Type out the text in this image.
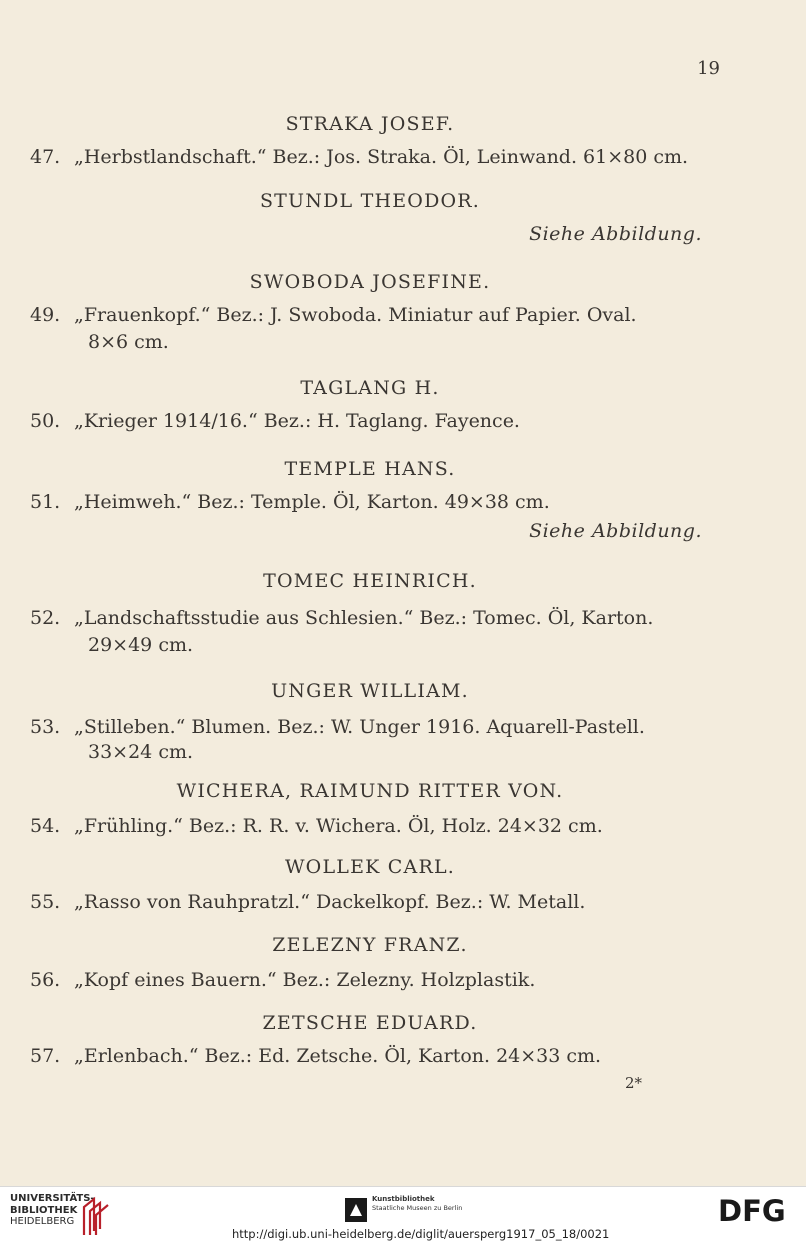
19
STRAKA JOSEF.
47. „Herbstlandschaft.“ Bez.: Jos. Straka. Öl, Leinwand. 61×80 cm.
STUNDL THEODOR.
Siehe Abbildung.
SWOBODA JOSEFINE.
49. „Frauenkopf.“ Bez.: J. Swoboda. Miniatur auf Papier. Oval.
8×6 cm.
TAGLANG H.
50. „Krieger 1914/16.“ Bez.: H. Taglang. Fayence.
TEMPLE HANS.
51. „Heimweh.“ Bez.: Temple. Öl, Karton. 49×38 cm.
Siehe Abbildung.
TOMEC HEINRICH.
52. „Landschaftsstudie aus Schlesien.“ Bez.: Tomec. Öl, Karton.
29×49 cm.
UNGER WILLIAM.
53. „Stilleben.“ Blumen. Bez.: W. Unger 1916. Aquarell-Pastell.
33×24 cm.
WICHERA, RAIMUND RITTER VON.
54. „Frühling.“ Bez.: R. R. v. Wichera. Öl, Holz. 24×32 cm.
WOLLEK CARL.
55. „Rasso von Rauhpratzl.“ Dackelkopf. Bez.: W. Metall.
ZELEZNY FRANZ.
56. „Kopf eines Bauern.“ Bez.: Zelezny. Holzplastik.
ZETSCHE EDUARD.
57. „Erlenbach.“ Bez.: Ed. Zetsche. Öl, Karton. 24×33 cm.
2*
UNIVERSITÄTS-
BIBLIOTHEK
HEIDELBERG
Kunstbibliothek
Staatliche Museen zu Berlin	DFG
http://digi.ub.uni-heidelberg.de/diglit/auersperg1917_05_18/0021
